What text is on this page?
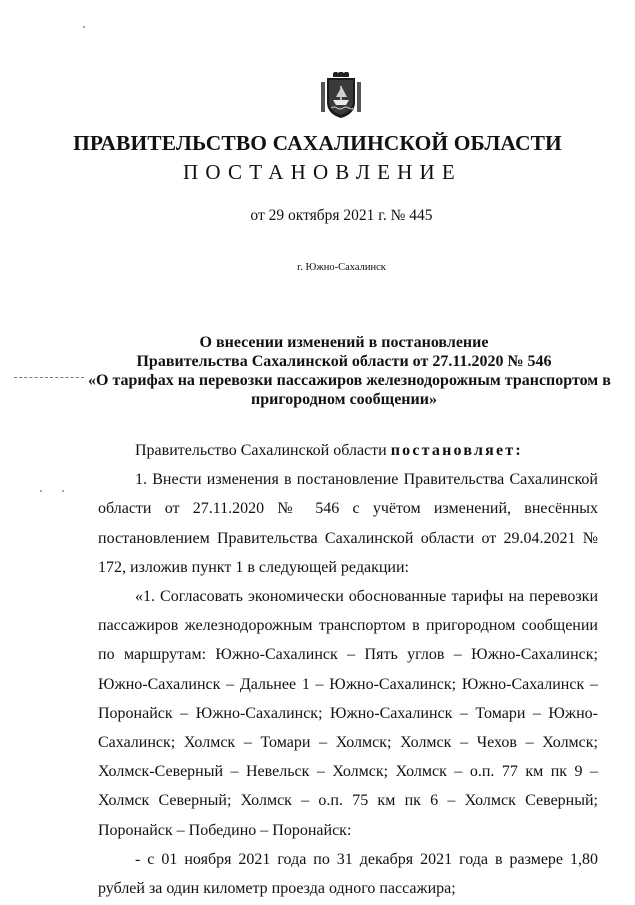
ПРАВИТЕЛЬСТВО САХАЛИНСКОЙ ОБЛАСТИ
ПОСТАНОВЛЕНИЕ
от 29 октября 2021 г. № 445
г. Южно-Сахалинск
О внесении изменений в постановление
Правительства Сахалинской области от 27.11.2020 № 546
«О тарифах на перевозки пассажиров железнодорожным транспортом в
пригородном сообщении»

Правительство Сахалинской области постановляет:

1. Внести изменения в постановление Правительства Сахалинской области от 27.11.2020 № 546 с учётом изменений, внесённых постановлением Правительства Сахалинской области от 29.04.2021 № 172, изложив пункт 1 в следующей редакции:

«1. Согласовать экономически обоснованные тарифы на перевозки пассажиров железнодорожным транспортом в пригородном сообщении по маршрутам: Южно-Сахалинск – Пять углов – Южно-Сахалинск; Южно-Сахалинск – Дальнее 1 – Южно-Сахалинск; Южно-Сахалинск – Поронайск – Южно-Сахалинск; Южно-Сахалинск – Томари – Южно-Сахалинск; Холмск – Томари – Холмск; Холмск – Чехов – Холмск; Холмск-Северный – Невельск – Холмск; Холмск – о.п. 77 км пк 9 – Холмск Северный; Холмск – о.п. 75 км пк 6 – Холмск Северный; Поронайск – Победино – Поронайск:

- с 01 ноября 2021 года по 31 декабря 2021 года в размере 1,80 рублей за один километр проезда одного пассажира;
